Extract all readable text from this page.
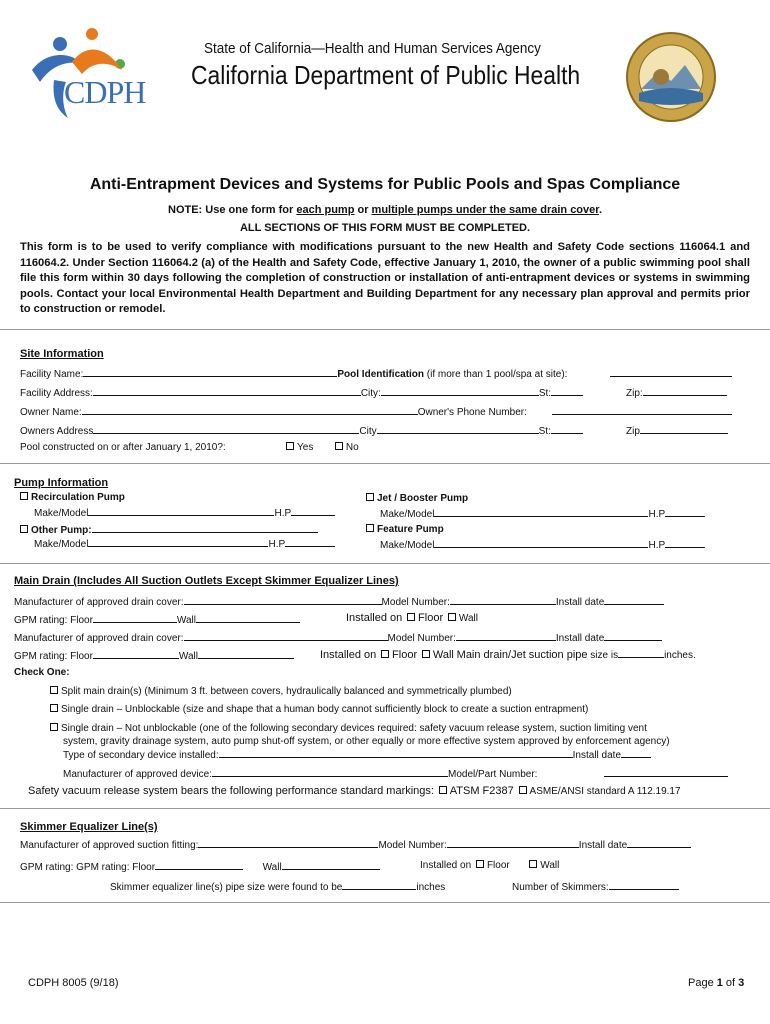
CDPH
State of California—Health and Human Services Agency
California Department of Public Health
Anti-Entrapment Devices and Systems for Public Pools and Spas Compliance
NOTE: Use one form for each pump or multiple pumps under the same drain cover.
ALL SECTIONS OF THIS FORM MUST BE COMPLETED.
This form is to be used to verify compliance with modifications pursuant to the new Health and Safety Code sections 116064.1 and 116064.2. Under Section 116064.2 (a) of the Health and Safety Code, effective January 1, 2010, the owner of a public swimming pool shall file this form within 30 days following the completion of construction or installation of anti-entrapment devices or systems in swimming pools. Contact your local Environmental Health Department and Building Department for any necessary plan approval and permits prior to construction or remodel.
Site Information
Facility Name:	Pool Identification (if more than 1 pool/spa at site):
Facility Address:	City:	St:	Zip:
Owner Name:	Owner's Phone Number:
Owners Address	City	St:	Zip
Pool constructed on or after January 1, 2010?:	Yes	No
Pump Information
Recirculation Pump
Make/Model	H.P
Other Pump:
Make/Model	H.P
Jet / Booster Pump
Make/Model	H.P
Feature Pump
Make/Model	H.P
Main Drain (Includes All Suction Outlets Except Skimmer Equalizer Lines)
Manufacturer of approved drain cover:	Model Number:	Install date
GPM rating: Floor	Wall	Installed on Floor Wall
Manufacturer of approved drain cover:	Model Number:	Install date
GPM rating: Floor	Wall	Installed on Floor Wall Main drain/Jet suction pipe size is	inches.
Check One:
Split main drain(s) (Minimum 3 ft. between covers, hydraulically balanced and symmetrically plumbed)
Single drain – Unblockable (size and shape that a human body cannot sufficiently block to create a suction entrapment)
Single drain – Not unblockable (one of the following secondary devices required: safety vacuum release system, suction limiting vent
system, gravity drainage system, auto pump shut-off system, or other equally or more effective system approved by enforcement agency)
Type of secondary device installed:	Install date
Manufacturer of approved device:	Model/Part Number:
Safety vacuum release system bears the following performance standard markings: ATSM F2387 ASME/ANSI standard A 112.19.17
Skimmer Equalizer Line(s)
Manufacturer of approved suction fitting:	Model Number:	Install date
GPM rating: GPM rating: Floor	Wall	Installed on Floor	Wall
Skimmer equalizer line(s) pipe size were found to be	inches	Number of Skimmers:
CDPH 8005 (9/18)	Page 1 of 3
